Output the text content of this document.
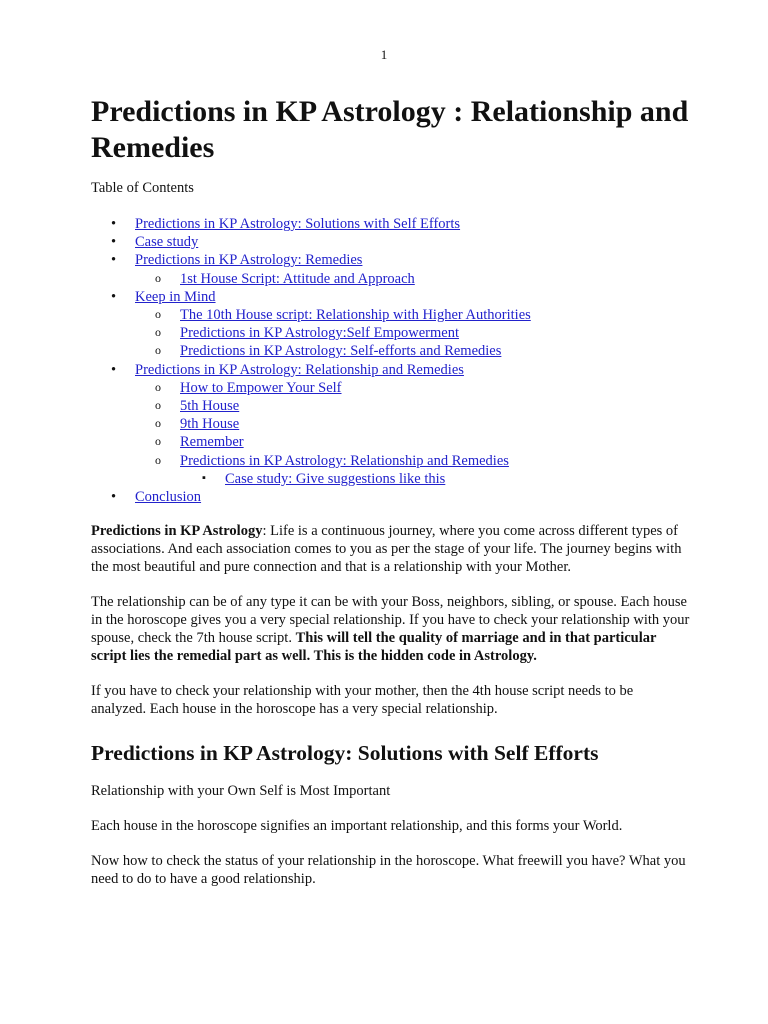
1
Predictions in KP Astrology : Relationship and Remedies
Table of Contents
• Predictions in KP Astrology: Solutions with Self Efforts
• Case study
• Predictions in KP Astrology: Remedies
o 1st House Script: Attitude and Approach
• Keep in Mind
o The 10th House script: Relationship with Higher Authorities
o Predictions in KP Astrology:Self Empowerment
o Predictions in KP Astrology: Self-efforts and Remedies
• Predictions in KP Astrology: Relationship and Remedies
o How to Empower Your Self
o 5th House
o 9th House
o Remember
o Predictions in KP Astrology: Relationship and Remedies
▪ Case study: Give suggestions like this
• Conclusion

Predictions in KP Astrology: Life is a continuous journey, where you come across different types of associations. And each association comes to you as per the stage of your life. The journey begins with the most beautiful and pure connection and that is a relationship with your Mother.

The relationship can be of any type it can be with your Boss, neighbors, sibling, or spouse. Each house in the horoscope gives you a very special relationship. If you have to check your relationship with your spouse, check the 7th house script. This will tell the quality of marriage and in that particular script lies the remedial part as well. This is the hidden code in Astrology.

If you have to check your relationship with your mother, then the 4th house script needs to be analyzed. Each house in the horoscope has a very special relationship.

Predictions in KP Astrology: Solutions with Self Efforts

Relationship with your Own Self is Most Important

Each house in the horoscope signifies an important relationship, and this forms your World.

Now how to check the status of your relationship in the horoscope. What freewill you have? What you need to do to have a good relationship.
